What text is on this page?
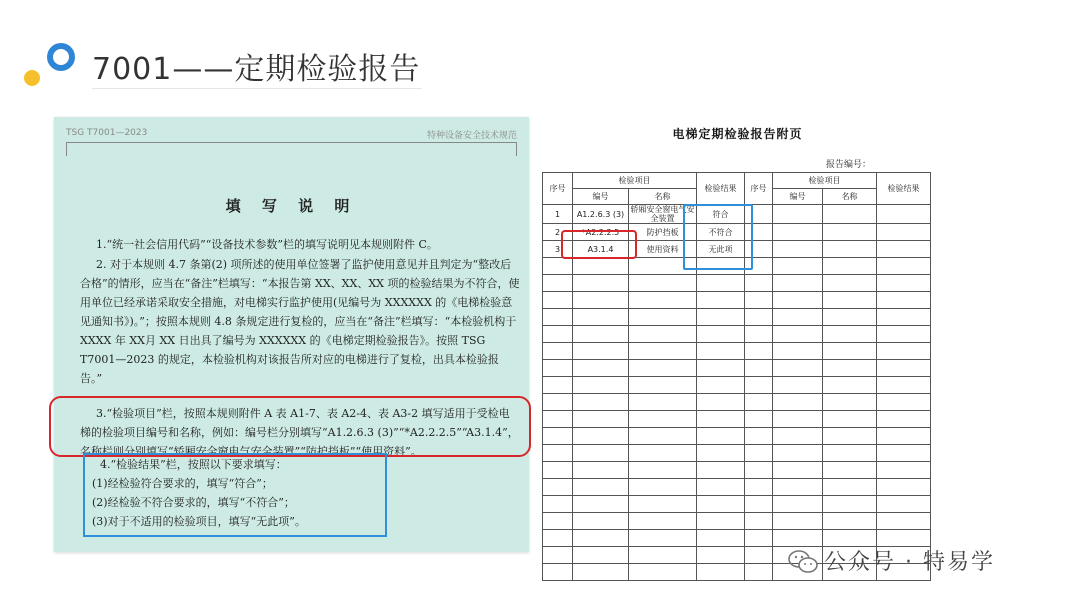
7001——定期检验报告
TSG T7001—2023	特种设备安全技术规范
填 写 说 明
1.“统一社会信用代码”“设备技术参数”栏的填写说明见本规则附件 C。
2. 对于本规则 4.7 条第(2) 项所述的使用单位签署了监护使用意见并且判定为“整改后合格”的情形，应当在“备注”栏填写：“本报告第 XX、XX、XX 项的检验结果为不符合，使用单位已经承诺采取安全措施，对电梯实行监护使用(见编号为 XXXXXX 的《电梯检验意见通知书》)。”；按照本规则 4.8 条规定进行复检的，应当在“备注”栏填写：“本检验机构于 XXXX 年 XX月 XX 日出具了编号为 XXXXXX 的《电梯定期检验报告》。按照 TSG T7001—2023 的规定，本检验机构对该报告所对应的电梯进行了复检，出具本检验报告。”
3.“检验项目”栏，按照本规则附件 A 表 A1-7、表 A2-4、表 A3-2 填写适用于受检电梯的检验项目编号和名称，例如：编号栏分别填写“A1.2.6.3 (3)”“*A2.2.2.5”“A3.1.4”，名称栏则分别填写“轿厢安全窗电气安全装置”“防护挡板”“使用资料”。
4.“检验结果”栏，按照以下要求填写：
(1)经检验符合要求的，填写“符合”；
(2)经检验不符合要求的，填写“不符合”；
(3)对于不适用的检验项目，填写“无此项”。
电梯定期检验报告附页
报告编号：
序号	检验项目		检验结果	序号	检验项目		检验结果
	编号	名称			编号	名称	
1	A1.2.6.3 (3)	轿厢安全窗电气安全装置	符合				
2	*A2.2.2.5	防护挡板	不符合				
3	A3.1.4	使用资料	无此项				

公众号 · 特易学
